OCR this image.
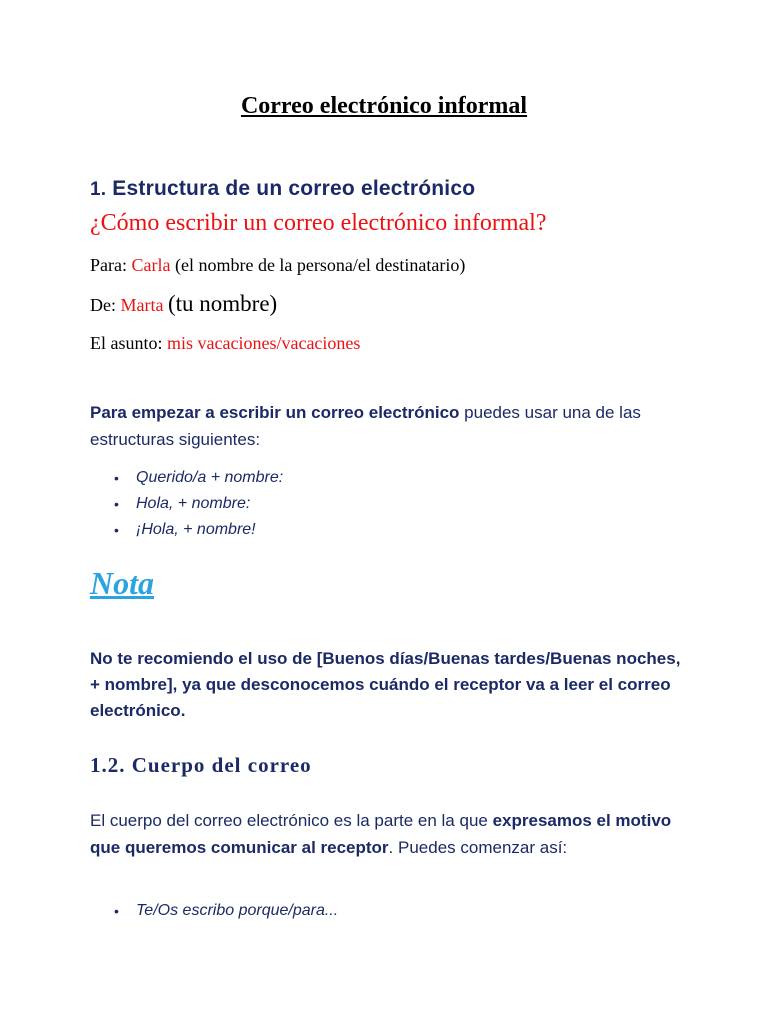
Correo electrónico informal
1. Estructura de un correo electrónico
¿Cómo escribir un correo electrónico informal?
Para: Carla (el nombre de la persona/el destinatario)
De: Marta (tu nombre)
El asunto: mis vacaciones/vacaciones
Para empezar a escribir un correo electrónico puedes usar una de las estructuras siguientes:
• Querido/a + nombre:
• Hola, + nombre:
• ¡Hola, + nombre!
Nota
No te recomiendo el uso de [Buenos días/Buenas tardes/Buenas noches, + nombre], ya que desconocemos cuándo el receptor va a leer el correo electrónico.
1.2. Cuerpo del correo
El cuerpo del correo electrónico es la parte en la que expresamos el motivo que queremos comunicar al receptor. Puedes comenzar así:
• Te/Os escribo porque/para...
